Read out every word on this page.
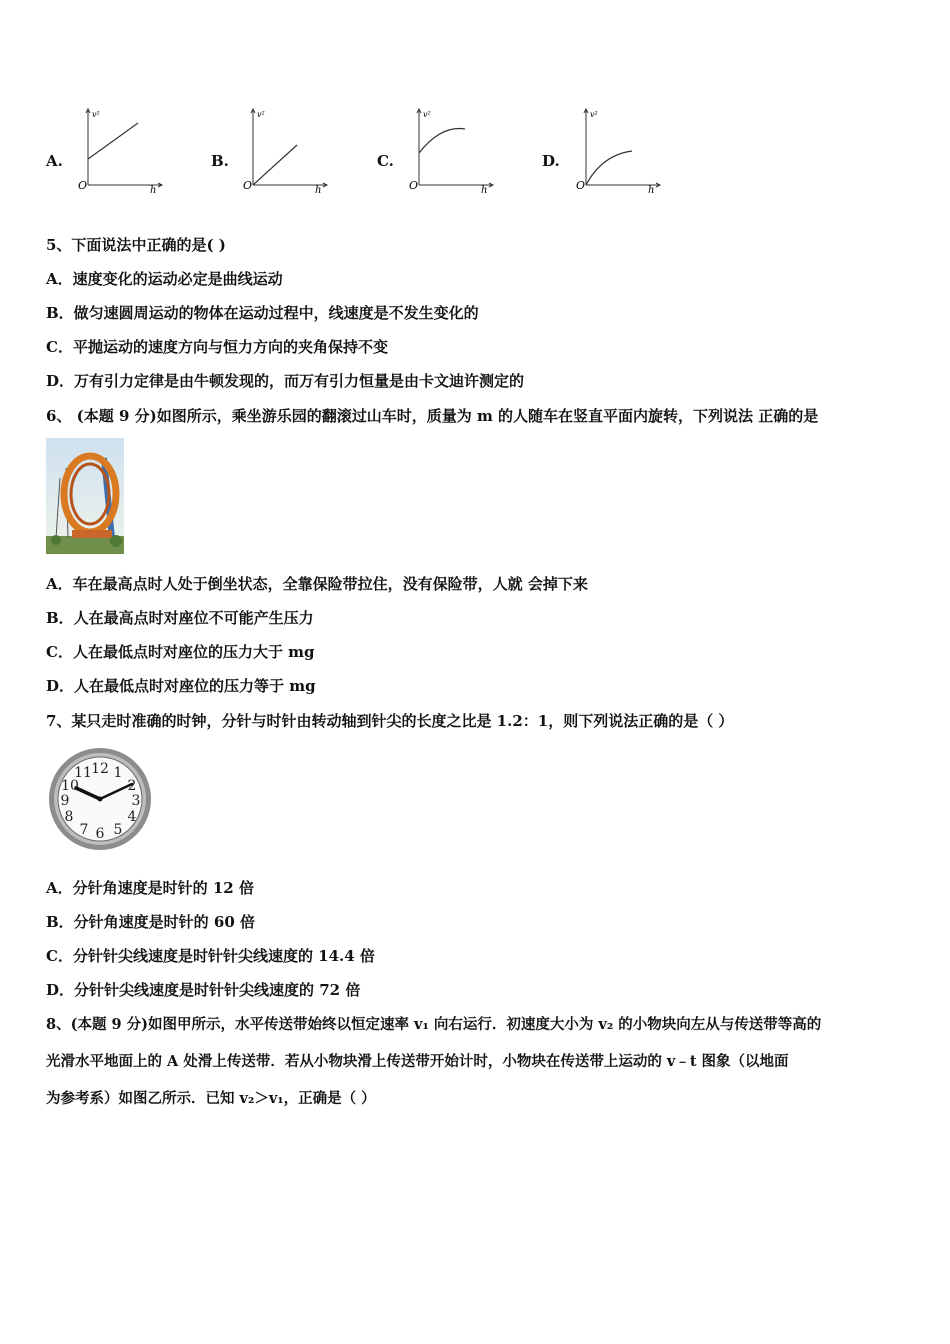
A.
O	h
v²
B.
O	h
v²
C.
O	h
v²
D.
O	h
v²
5、下面说法中正确的是( )
A．速度变化的运动必定是曲线运动
B．做匀速圆周运动的物体在运动过程中，线速度是不发生变化的
C．平抛运动的速度方向与恒力方向的夹角保持不变
D．万有引力定律是由牛顿发现的，而万有引力恒量是由卡文迪许测定的
6、 (本题 9 分)如图所示，乘坐游乐园的翻滚过山车时，质量为 m 的人随车在竖直平面内旋转，下列说法 正确的是
A．车在最高点时人处于倒坐状态，全靠保险带拉住，没有保险带，人就 会掉下来
B．人在最高点时对座位不可能产生压力
C．人在最低点时对座位的压力大于 mg
D．人在最低点时对座位的压力等于 mg
7、某只走时准确的时钟，分针与时针由转动轴到针尖的长度之比是 1.2：1，则下列说法正确的是（ ）
12 1
2
3
4
5
6
7
8
9
10
11
A．分针角速度是时针的 12 倍
B．分针角速度是时针的 60 倍
C．分针针尖线速度是时针针尖线速度的 14.4 倍
D．分针针尖线速度是时针针尖线速度的 72 倍
8、(本题 9 分)如图甲所示，水平传送带始终以恒定速率 v₁ 向右运行．初速度大小为 v₂ 的小物块向左从与传送带等高的
光滑水平地面上的 A 处滑上传送带．若从小物块滑上传送带开始计时，小物块在传送带上运动的 v﹣t 图象（以地面
为参考系）如图乙所示．已知 v₂＞v₁，正确是（ ）
